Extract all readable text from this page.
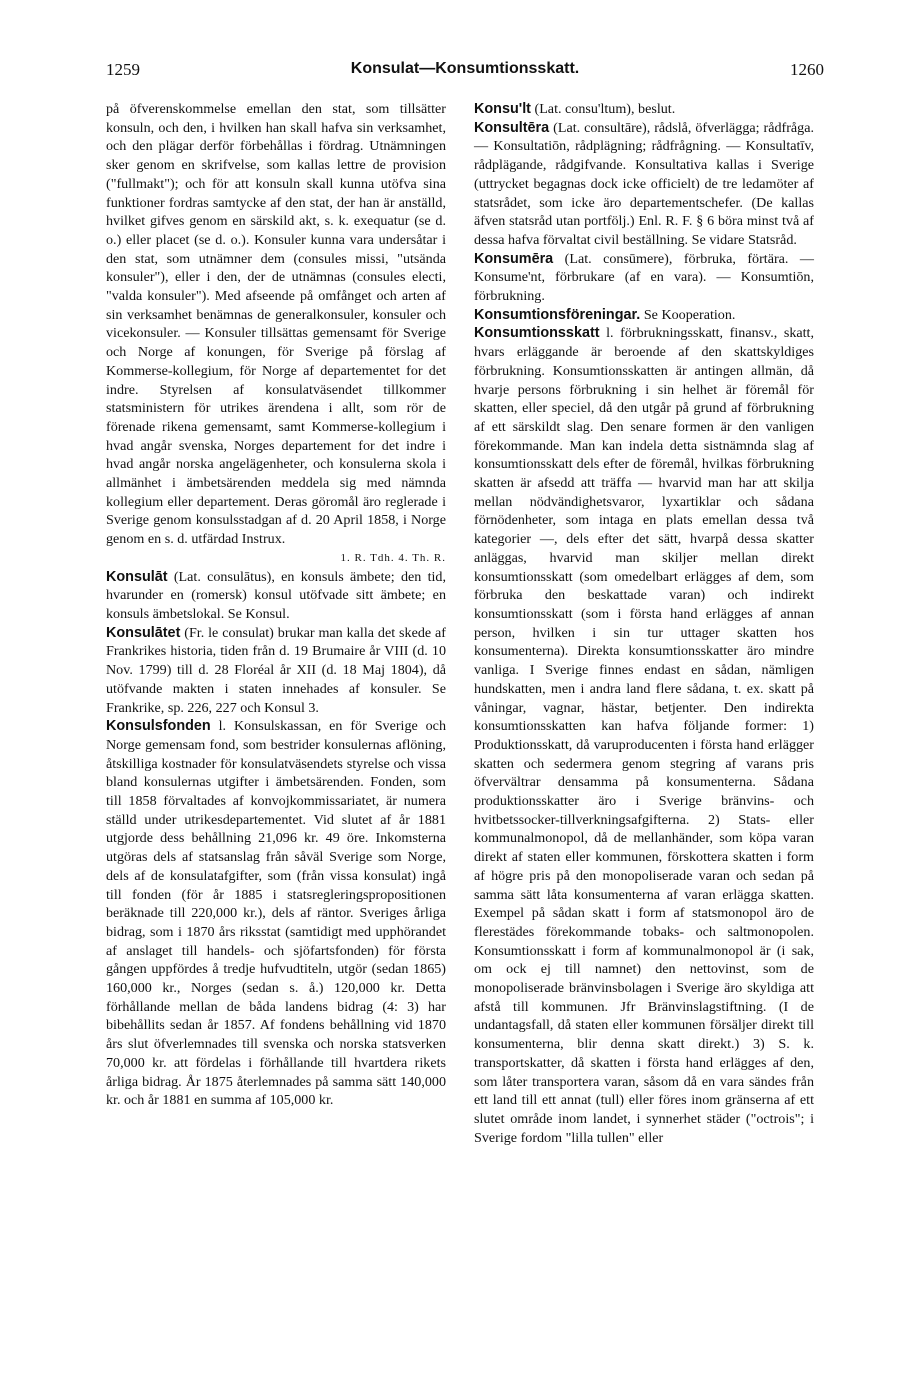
1259	Konsulat—Konsumtionsskatt.	1260

på öfverenskommelse emellan den stat, som tillsätter konsuln, och den, i hvilken han skall hafva sin verksamhet, och den plägar derför förbehållas i fördrag. Utnämningen sker genom en skrifvelse, som kallas lettre de provision ("fullmakt"); och för att konsuln skall kunna utöfva sina funktioner fordras samtycke af den stat, der han är anställd, hvilket gifves genom en särskild akt, s. k. exequatur (se d. o.) eller placet (se d. o.). Konsuler kunna vara undersåtar i den stat, som utnämner dem (consules missi, "utsända konsuler"), eller i den, der de utnämnas (consules electi, "valda konsuler"). Med afseende på omfånget och arten af sin verksamhet benämnas de generalkonsuler, konsuler och vicekonsuler. — Konsuler tillsättas gemensamt för Sverige och Norge af konungen, för Sverige på förslag af Kommerse-kollegium, för Norge af departementet for det indre. Styrelsen af konsulatväsendet tillkommer statsministern för utrikes ärendena i allt, som rör de förenade rikena gemensamt, samt Kommerse-kollegium i hvad angår svenska, Norges departement for det indre i hvad angår norska angelägenheter, och konsulerna skola i allmänhet i ämbetsärenden meddela sig med nämnda kollegium eller departement. Deras göromål äro reglerade i Sverige genom konsulsstadgan af d. 20 April 1858, i Norge genom en s. d. utfärdad Instrux.
1. R. Tdh. 4. Th. R.

Konsulāt (Lat. consulātus), en konsuls ämbete; den tid, hvarunder en (romersk) konsul utöfvade sitt ämbete; en konsuls ämbetslokal. Se Konsul.

Konsulātet (Fr. le consulat) brukar man kalla det skede af Frankrikes historia, tiden från d. 19 Brumaire år VIII (d. 10 Nov. 1799) till d. 28 Floréal år XII (d. 18 Maj 1804), då utöfvande makten i staten innehades af konsuler. Se Frankrike, sp. 226, 227 och Konsul 3.

Konsulsfonden l. Konsulskassan, en för Sverige och Norge gemensam fond, som bestrider konsulernas aflöning, åtskilliga kostnader för konsulatväsendets styrelse och vissa bland konsulernas utgifter i ämbetsärenden. Fonden, som till 1858 förvaltades af konvojkommissariatet, är numera ställd under utrikesdepartementet. Vid slutet af år 1881 utgjorde dess behållning 21,096 kr. 49 öre. Inkomsterna utgöras dels af statsanslag från såväl Sverige som Norge, dels af de konsulatafgifter, som (från vissa konsulat) ingå till fonden (för år 1885 i statsregleringspropositionen beräknade till 220,000 kr.), dels af räntor. Sveriges årliga bidrag, som i 1870 års riksstat (samtidigt med upphörandet af anslaget till handels- och sjöfartsfonden) för första gången uppfördes å tredje hufvudtiteln, utgör (sedan 1865) 160,000 kr., Norges (sedan s. å.) 120,000 kr. Detta förhållande mellan de båda landens bidrag (4: 3) har bibehållits sedan år 1857. Af fondens behållning vid 1870 års slut öfverlemnades till svenska och norska statsverken 70,000 kr. att fördelas i förhållande till hvartdera rikets årliga bidrag. År 1875 återlemnades på samma sätt 140,000 kr. och år 1881 en summa af 105,000 kr.

Konsu'lt (Lat. consu'ltum), beslut.

Konsultēra (Lat. consultāre), rådslå, öfverlägga; rådfråga. — Konsultatiōn, rådplägning; rådfrågning. — Konsultatīv, rådplägande, rådgifvande. Konsultativa kallas i Sverige (uttrycket begagnas dock icke officielt) de tre ledamöter af statsrådet, som icke äro departementschefer. (De kallas äfven statsråd utan portfölj.) Enl. R. F. § 6 böra minst två af dessa hafva förvaltat civil beställning. Se vidare Statsråd.

Konsumēra (Lat. consūmere), förbruka, förtära. — Konsume'nt, förbrukare (af en vara). — Konsumtiōn, förbrukning.

Konsumtionsföreningar. Se Kooperation.

Konsumtionsskatt l. förbrukningsskatt, finansv., skatt, hvars erläggande är beroende af den skattskyldiges förbrukning. Konsumtionsskatten är antingen allmän, då hvarje persons förbrukning i sin helhet är föremål för skatten, eller speciel, då den utgår på grund af förbrukning af ett särskildt slag. Den senare formen är den vanligen förekommande. Man kan indela detta sistnämnda slag af konsumtionsskatt dels efter de föremål, hvilkas förbrukning skatten är afsedd att träffa — hvarvid man har att skilja mellan nödvändighetsvaror, lyxartiklar och sådana förnödenheter, som intaga en plats emellan dessa två kategorier —, dels efter det sätt, hvarpå dessa skatter anläggas, hvarvid man skiljer mellan direkt konsumtionsskatt (som omedelbart erlägges af dem, som förbruka den beskattade varan) och indirekt konsumtionsskatt (som i första hand erlägges af annan person, hvilken i sin tur uttager skatten hos konsumenterna). Direkta konsumtionsskatter äro mindre vanliga. I Sverige finnes endast en sådan, nämligen hundskatten, men i andra land flere sådana, t. ex. skatt på våningar, vagnar, hästar, betjenter. Den indirekta konsumtionsskatten kan hafva följande former: 1) Produktionsskatt, då varuproducenten i första hand erlägger skatten och sedermera genom stegring af varans pris öfvervältrar densamma på konsumenterna. Sådana produktionsskatter äro i Sverige bränvins- och hvitbetssocker-tillverkningsafgifterna. 2) Stats- eller kommunalmonopol, då de mellanhänder, som köpa varan direkt af staten eller kommunen, förskottera skatten i form af högre pris på den monopoliserade varan och sedan på samma sätt låta konsumenterna af varan erlägga skatten. Exempel på sådan skatt i form af statsmonopol äro de flerestädes förekommande tobaks- och saltmonopolen. Konsumtionsskatt i form af kommunalmonopol är (i sak, om ock ej till namnet) den nettovinst, som de monopoliserade bränvinsbolagen i Sverige äro skyldiga att afstå till kommunen. Jfr Bränvinslagstiftning. (I de undantagsfall, då staten eller kommunen försäljer direkt till konsumenterna, blir denna skatt direkt.) 3) S. k. transportskatter, då skatten i första hand erlägges af den, som låter transportera varan, såsom då en vara sändes från ett land till ett annat (tull) eller föres inom gränserna af ett slutet område inom landet, i synnerhet städer ("octrois"; i Sverige fordom "lilla tullen" eller
